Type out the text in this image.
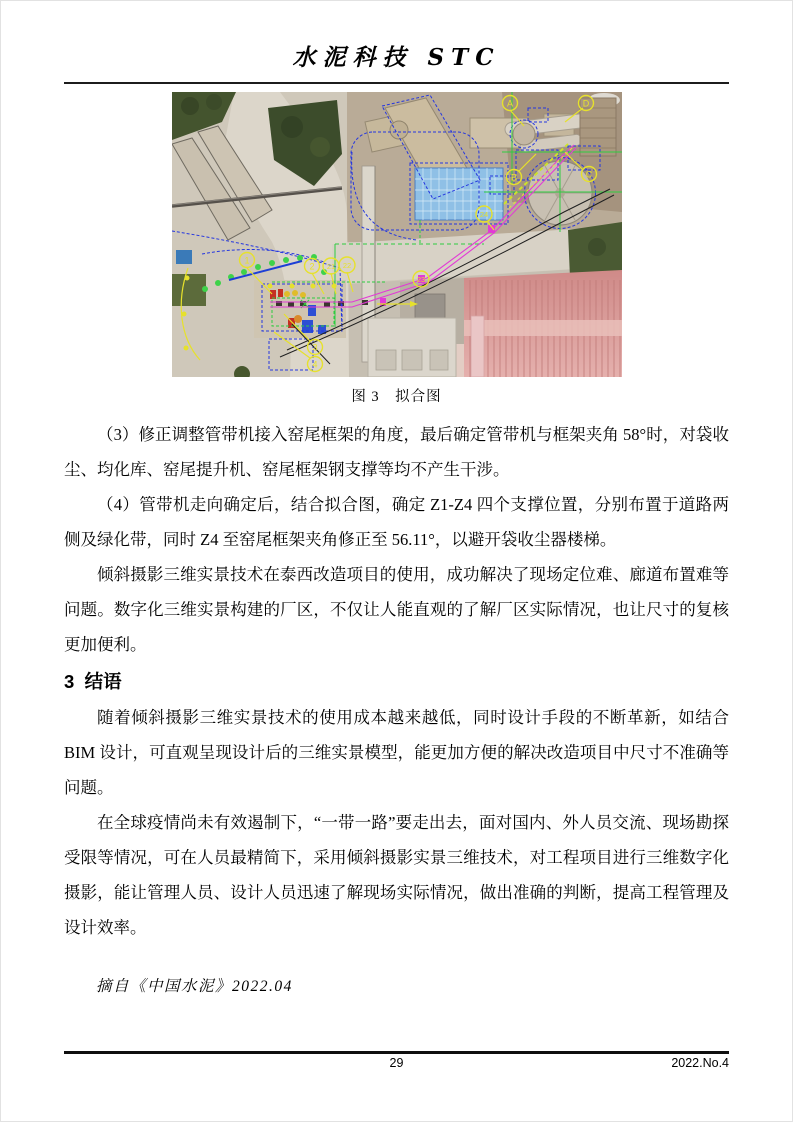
水泥科技 STC
A	D
B	C
1
2 21 22
3
4
23
24
图 3　拟合图

（3）修正调整管带机接入窑尾框架的角度，最后确定管带机与框架夹角 58°时，对袋收尘、均化库、窑尾提升机、窑尾框架钢支撑等均不产生干涉。

（4）管带机走向确定后，结合拟合图，确定 Z1-Z4 四个支撑位置，分别布置于道路两侧及绿化带，同时 Z4 至窑尾框架夹角修正至 56.11°，以避开袋收尘器楼梯。

倾斜摄影三维实景技术在泰西改造项目的使用，成功解决了现场定位难、廊道布置难等问题。数字化三维实景构建的厂区，不仅让人能直观的了解厂区实际情况，也让尺寸的复核更加便利。

3  结语

随着倾斜摄影三维实景技术的使用成本越来越低，同时设计手段的不断革新，如结合 BIM 设计，可直观呈现设计后的三维实景模型，能更加方便的解决改造项目中尺寸不准确等问题。

在全球疫情尚未有效遏制下，“一带一路”要走出去，面对国内、外人员交流、现场勘探受限等情况，可在人员最精简下，采用倾斜摄影实景三维技术，对工程项目进行三维数字化摄影，能让管理人员、设计人员迅速了解现场实际情况，做出准确的判断，提高工程管理及设计效率。

摘自《中国水泥》2022.04
29	2022.No.4
